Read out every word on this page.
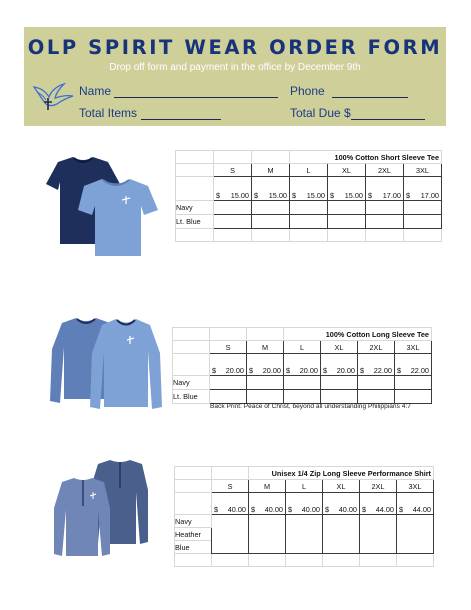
OLP SPIRIT WEAR ORDER FORM
Drop off form and payment in the office by December 9th
Name	Phone
Total Items	Total Due $
			100% Cotton Short Sleeve Tee			
	S	M	L	XL	2XL	3XL

	$ 15.00	$ 15.00	$ 15.00	$ 15.00	$ 17.00	$ 17.00

Navy						
Lt. Blue						

			100% Cotton Long Sleeve Tee			
	S	M	L	XL	2XL	3XL

	$ 20.00	$ 20.00	$ 20.00	$ 20.00	$ 22.00	$ 22.00

Navy						
Lt. Blue						
Back Print: Peace of Christ, beyond all understanding Philippians 4:7
		Unisex 1/4 Zip Long Sleeve Performance Shirt				
	S	M	L	XL	2XL	3XL

	$ 40.00	$ 40.00	$ 40.00	$ 40.00	$ 44.00	$ 44.00

Navy						
Heather						
Blue						
